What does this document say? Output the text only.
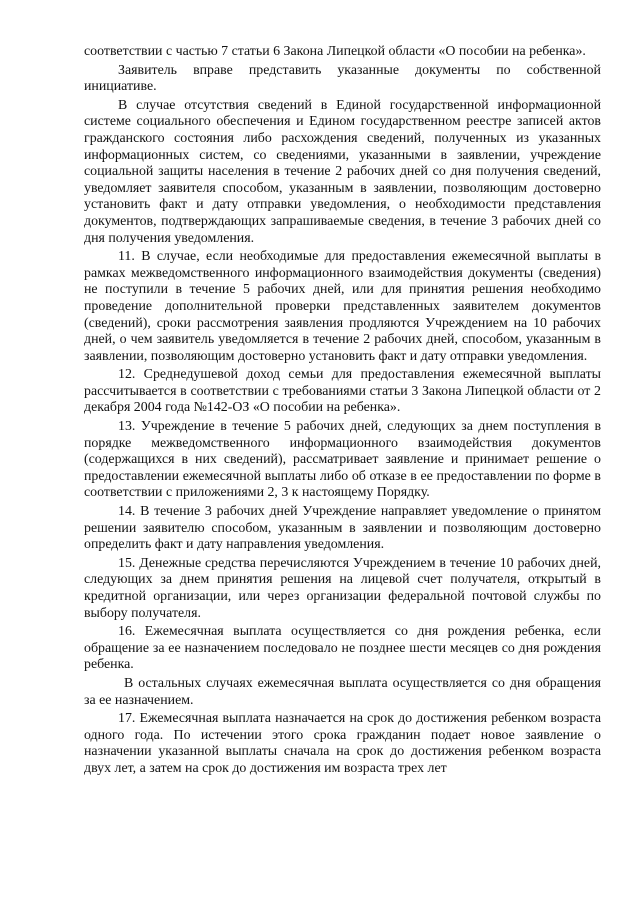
соответствии с частью 7 статьи 6 Закона Липецкой области «О пособии на ребенка».

Заявитель вправе представить указанные документы по собственной инициативе.

В случае отсутствия сведений в Единой государственной информационной системе социального обеспечения и Едином государственном реестре записей актов гражданского состояния либо расхождения сведений, полученных из указанных информационных систем, со сведениями, указанными в заявлении, учреждение социальной защиты населения в течение 2 рабочих дней со дня получения сведений, уведомляет заявителя способом, указанным в заявлении, позволяющим достоверно установить факт и дату отправки уведомления, о необходимости представления документов, подтверждающих запрашиваемые сведения, в течение 3 рабочих дней со дня получения уведомления.

11. В случае, если необходимые для предоставления ежемесячной выплаты в рамках межведомственного информационного взаимодействия документы (сведения) не поступили в течение 5 рабочих дней, или для принятия решения необходимо проведение дополнительной проверки представленных заявителем документов (сведений), сроки рассмотрения заявления продляются Учреждением на 10 рабочих дней, о чем заявитель уведомляется в течение 2 рабочих дней, способом, указанным в заявлении, позволяющим достоверно установить факт и дату отправки уведомления.

12. Среднедушевой доход семьи для предоставления ежемесячной выплаты рассчитывается в соответствии с требованиями статьи 3 Закона Липецкой области от 2 декабря 2004 года №142-ОЗ «О пособии на ребенка».

13. Учреждение в течение 5 рабочих дней, следующих за днем поступления в порядке межведомственного информационного взаимодействия документов (содержащихся в них сведений), рассматривает заявление и принимает решение о предоставлении ежемесячной выплаты либо об отказе в ее предоставлении по форме в соответствии с приложениями 2, 3 к настоящему Порядку.

14. В течение 3 рабочих дней Учреждение направляет уведомление о принятом решении заявителю способом, указанным в заявлении и позволяющим достоверно определить факт и дату направления уведомления.

15. Денежные средства перечисляются Учреждением в течение 10 рабочих дней, следующих за днем принятия решения на лицевой счет получателя, открытый в кредитной организации, или через организации федеральной почтовой службы по выбору получателя.

16. Ежемесячная выплата осуществляется со дня рождения ребенка, если обращение за ее назначением последовало не позднее шести месяцев со дня рождения ребенка.

В остальных случаях ежемесячная выплата осуществляется со дня обращения за ее назначением.

17. Ежемесячная выплата назначается на срок до достижения ребенком возраста одного года. По истечении этого срока гражданин подает новое заявление о назначении указанной выплаты сначала на срок до достижения ребенком возраста двух лет, а затем на срок до достижения им возраста трех лет
